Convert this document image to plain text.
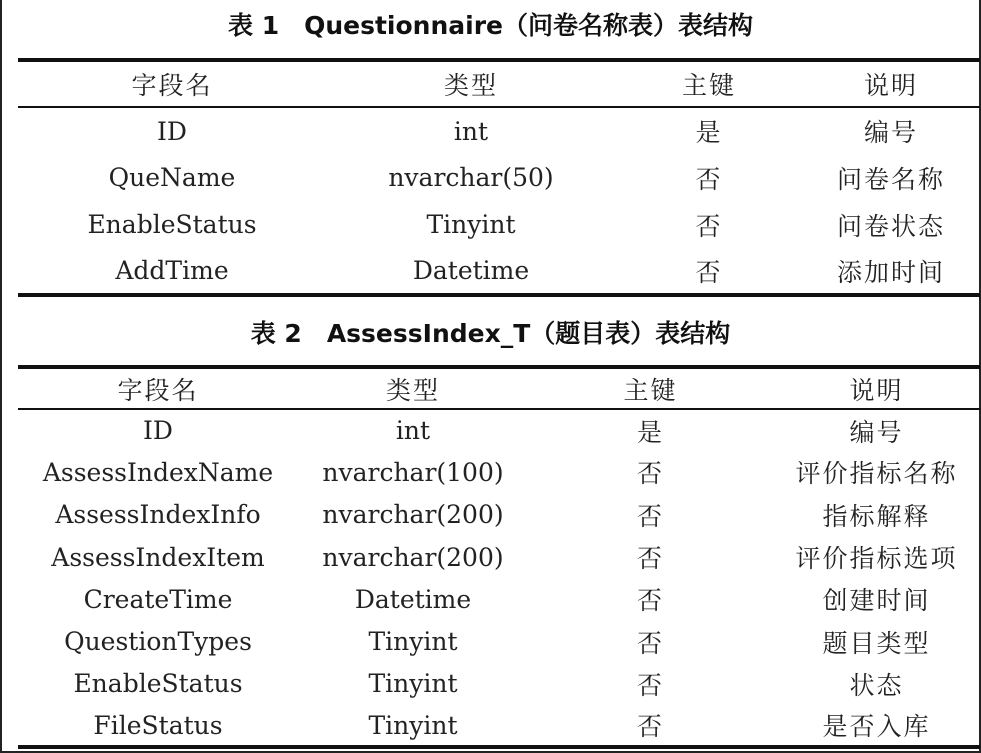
表 1　Questionnaire（问卷名称表）表结构
字段名	类型	主键	说明
ID	int	是	编号
QueName	nvarchar(50)	否	问卷名称
EnableStatus	Tinyint	否	问卷状态
AddTime	Datetime	否	添加时间
表 2　AssessIndex_T（题目表）表结构
字段名	类型	主键	说明
ID	int	是	编号
AssessIndexName	nvarchar(100)	否	评价指标名称
AssessIndexInfo	nvarchar(200)	否	指标解释
AssessIndexItem	nvarchar(200)	否	评价指标选项
CreateTime	Datetime	否	创建时间
QuestionTypes	Tinyint	否	题目类型
EnableStatus	Tinyint	否	状态
FileStatus	Tinyint	否	是否入库
